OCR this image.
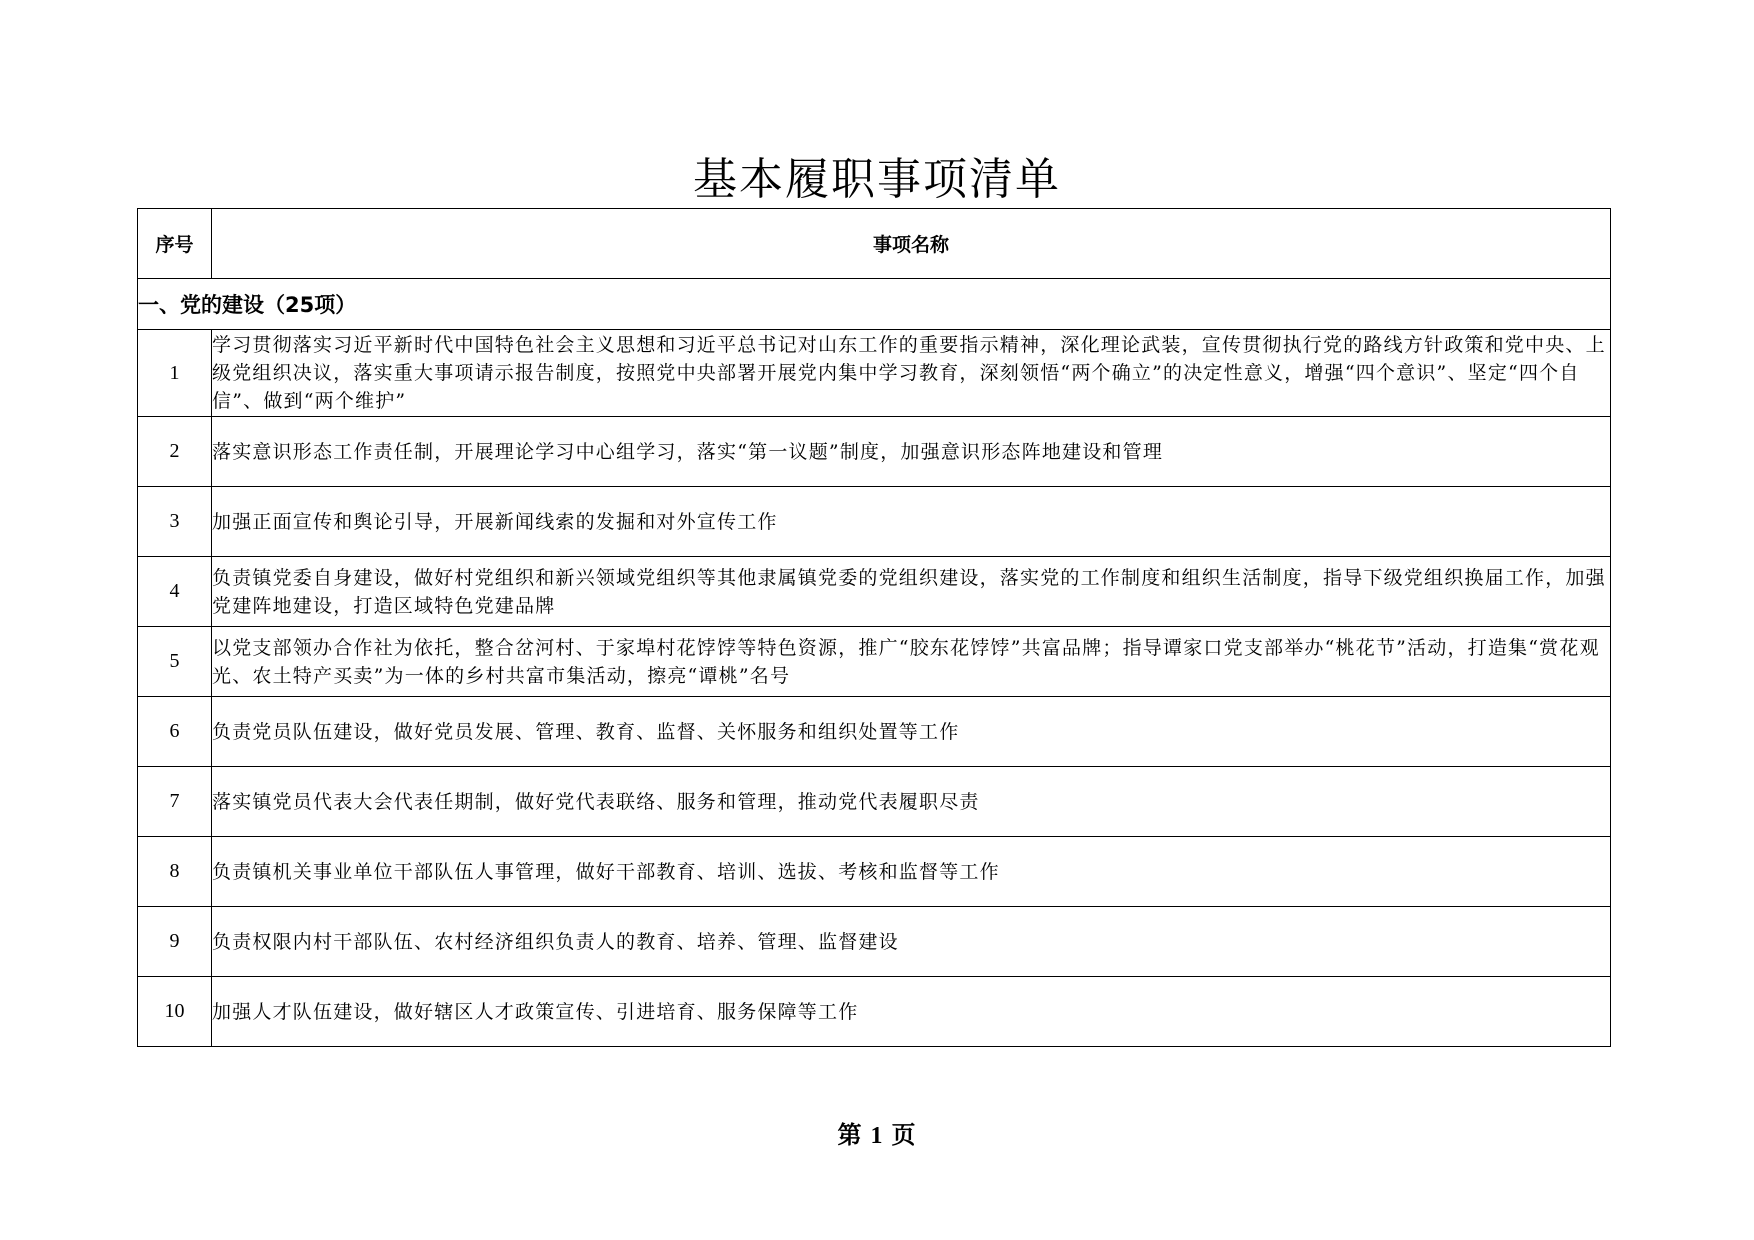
基本履职事项清单
序号	事项名称
一、党的建设（25项）	
1	学习贯彻落实习近平新时代中国特色社会主义思想和习近平总书记对山东工作的重要指示精神，深化理论武装，宣传贯彻执行党的路线方针政策和党中央、上级党组织决议，落实重大事项请示报告制度，按照党中央部署开展党内集中学习教育，深刻领悟“两个确立”的决定性意义，增强“四个意识”、坚定“四个自信”、做到“两个维护”
2	落实意识形态工作责任制，开展理论学习中心组学习，落实“第一议题”制度，加强意识形态阵地建设和管理
3	加强正面宣传和舆论引导，开展新闻线索的发掘和对外宣传工作
4	负责镇党委自身建设，做好村党组织和新兴领域党组织等其他隶属镇党委的党组织建设，落实党的工作制度和组织生活制度，指导下级党组织换届工作，加强党建阵地建设，打造区域特色党建品牌
5	以党支部领办合作社为依托，整合岔河村、于家埠村花饽饽等特色资源，推广“胶东花饽饽”共富品牌；指导谭家口党支部举办“桃花节”活动，打造集“赏花观光、农土特产买卖”为一体的乡村共富市集活动，擦亮“谭桃”名号
6	负责党员队伍建设，做好党员发展、管理、教育、监督、关怀服务和组织处置等工作
7	落实镇党员代表大会代表任期制，做好党代表联络、服务和管理，推动党代表履职尽责
8	负责镇机关事业单位干部队伍人事管理，做好干部教育、培训、选拔、考核和监督等工作
9	负责权限内村干部队伍、农村经济组织负责人的教育、培养、管理、监督建设
10	加强人才队伍建设，做好辖区人才政策宣传、引进培育、服务保障等工作
第 1 页
